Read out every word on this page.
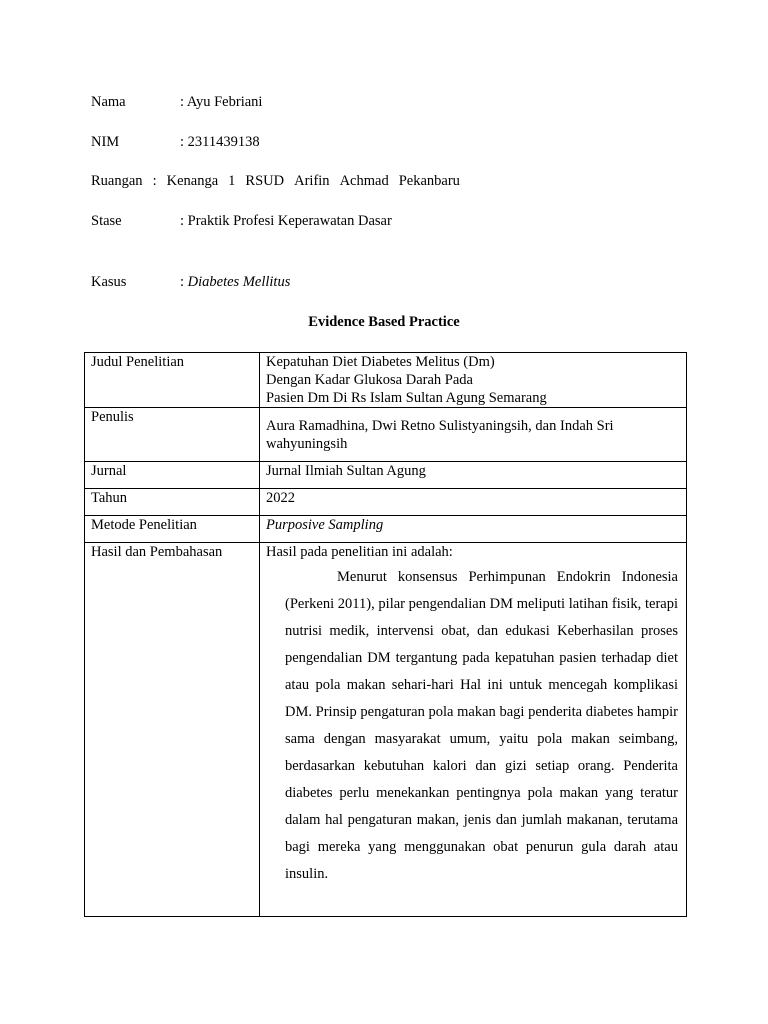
Nama	: Ayu Febriani
NIM	: 2311439138
Ruangan : Kenanga 1 RSUD Arifin Achmad Pekanbaru
Stase	: Praktik Profesi Keperawatan Dasar
Kasus	: Diabetes Mellitus
Evidence Based Practice
Judul Penelitian	Kepatuhan Diet Diabetes Melitus (Dm)
Dengan Kadar Glukosa Darah Pada
Pasien Dm Di Rs Islam Sultan Agung Semarang

Penulis	Aura Ramadhina, Dwi Retno Sulistyaningsih, dan Indah Sri wahyuningsih

Jurnal	Jurnal Ilmiah Sultan Agung
Tahun	2022
Metode Penelitian	Purposive Sampling
Hasil dan Pembahasan	Hasil pada penelitian ini adalah:
Menurut konsensus Perhimpunan Endokrin Indonesia (Perkeni 2011), pilar pengendalian DM meliputi latihan fisik, terapi nutrisi medik, intervensi obat, dan edukasi Keberhasilan proses pengendalian DM tergantung pada kepatuhan pasien terhadap diet atau pola makan sehari-hari Hal ini untuk mencegah komplikasi DM. Prinsip pengaturan pola makan bagi penderita diabetes hampir sama dengan masyarakat umum, yaitu pola makan seimbang, berdasarkan kebutuhan kalori dan gizi setiap orang. Penderita diabetes perlu menekankan pentingnya pola makan yang teratur dalam hal pengaturan makan, jenis dan jumlah makanan, terutama bagi mereka yang menggunakan obat penurun gula darah atau insulin.
